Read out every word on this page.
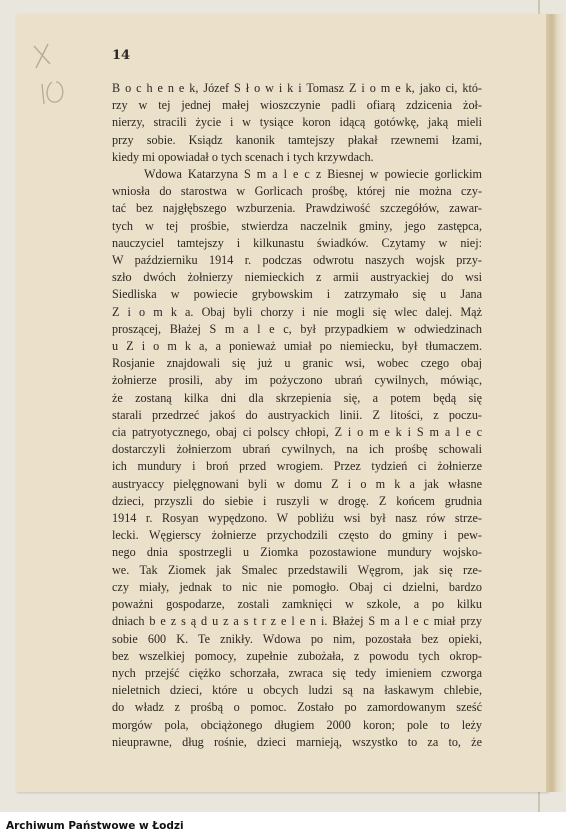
14
B o c h e n e k, Józef S ł o w i k i Tomasz Z i o m e k, jako ci, któ-
rzy w tej jednej małej wioszczynie padli ofiarą zdzicenia żoł-
nierzy, stracili życie i w tysiące koron idącą gotówkę, jaką mieli
przy sobie. Ksiądz kanonik tamtejszy płakał rzewnemi łzami,
kiedy mi opowiadał o tych scenach i tych krzywdach.
Wdowa Katarzyna S m a l e c z Biesnej w powiecie gorlickim
wniosła do starostwa w Gorlicach prośbę, której nie można czy-
tać bez najgłębszego wzburzenia. Prawdziwość szczegółów, zawar-
tych w tej prośbie, stwierdza naczelnik gminy, jego zastępca,
nauczyciel tamtejszy i kilkunastu świadków. Czytamy w niej:
W październiku 1914 r. podczas odwrotu naszych wojsk przy-
szło dwóch żołnierzy niemieckich z armii austryackiej do wsi
Siedliska w powiecie grybowskim i zatrzymało się u Jana
Z i o m k a. Obaj byli chorzy i nie mogli się wlec dalej. Mąż
proszącej, Błażej S m a l e c, był przypadkiem w odwiedzinach
u Z i o m k a, a ponieważ umiał po niemiecku, był tłumaczem.
Rosjanie znajdowali się już u granic wsi, wobec czego obaj
żołnierze prosili, aby im pożyczono ubrań cywilnych, mówiąc,
że zostaną kilka dni dla skrzepienia się, a potem będą się
starali przedrzeć jakoś do austryackich linii. Z litości, z poczu-
cia patryotycznego, obaj ci polscy chłopi, Z i o m e k i S m a l e c
dostarczyli żołnierzom ubrań cywilnych, na ich prośbę schowali
ich mundury i broń przed wrogiem. Przez tydzień ci żołnierze
austryaccy pielęgnowani byli w domu Z i o m k a jak własne
dzieci, przyszli do siebie i ruszyli w drogę. Z końcem grudnia
1914 r. Rosyan wypędzono. W pobliżu wsi był nasz rów strze-
lecki. Węgierscy żołnierze przychodzili często do gminy i pew-
nego dnia spostrzegli u Ziomka pozostawione mundury wojsko-
we. Tak Ziomek jak Smalec przedstawili Węgrom, jak się rze-
czy miały, jednak to nic nie pomogło. Obaj ci dzielni, bardzo
poważni gospodarze, zostali zamknięci w szkole, a po kilku
dniach b e z s ą d u z a s t r z e l e n i. Błażej S m a l e c miał przy
sobie 600 K. Te znikły. Wdowa po nim, pozostała bez opieki,
bez wszelkiej pomocy, zupełnie zubożała, z powodu tych okrop-
nych przejść ciężko schorzała, zwraca się tedy imieniem czworga
nieletnich dzieci, które u obcych ludzi są na łaskawym chlebie,
do władz z prośbą o pomoc. Zostało po zamordowanym sześć
morgów pola, obciążonego długiem 2000 koron; pole to leży
nieuprawne, dług rośnie, dzieci marnieją, wszystko to za to, że
Archiwum Państwowe w Łodzi
